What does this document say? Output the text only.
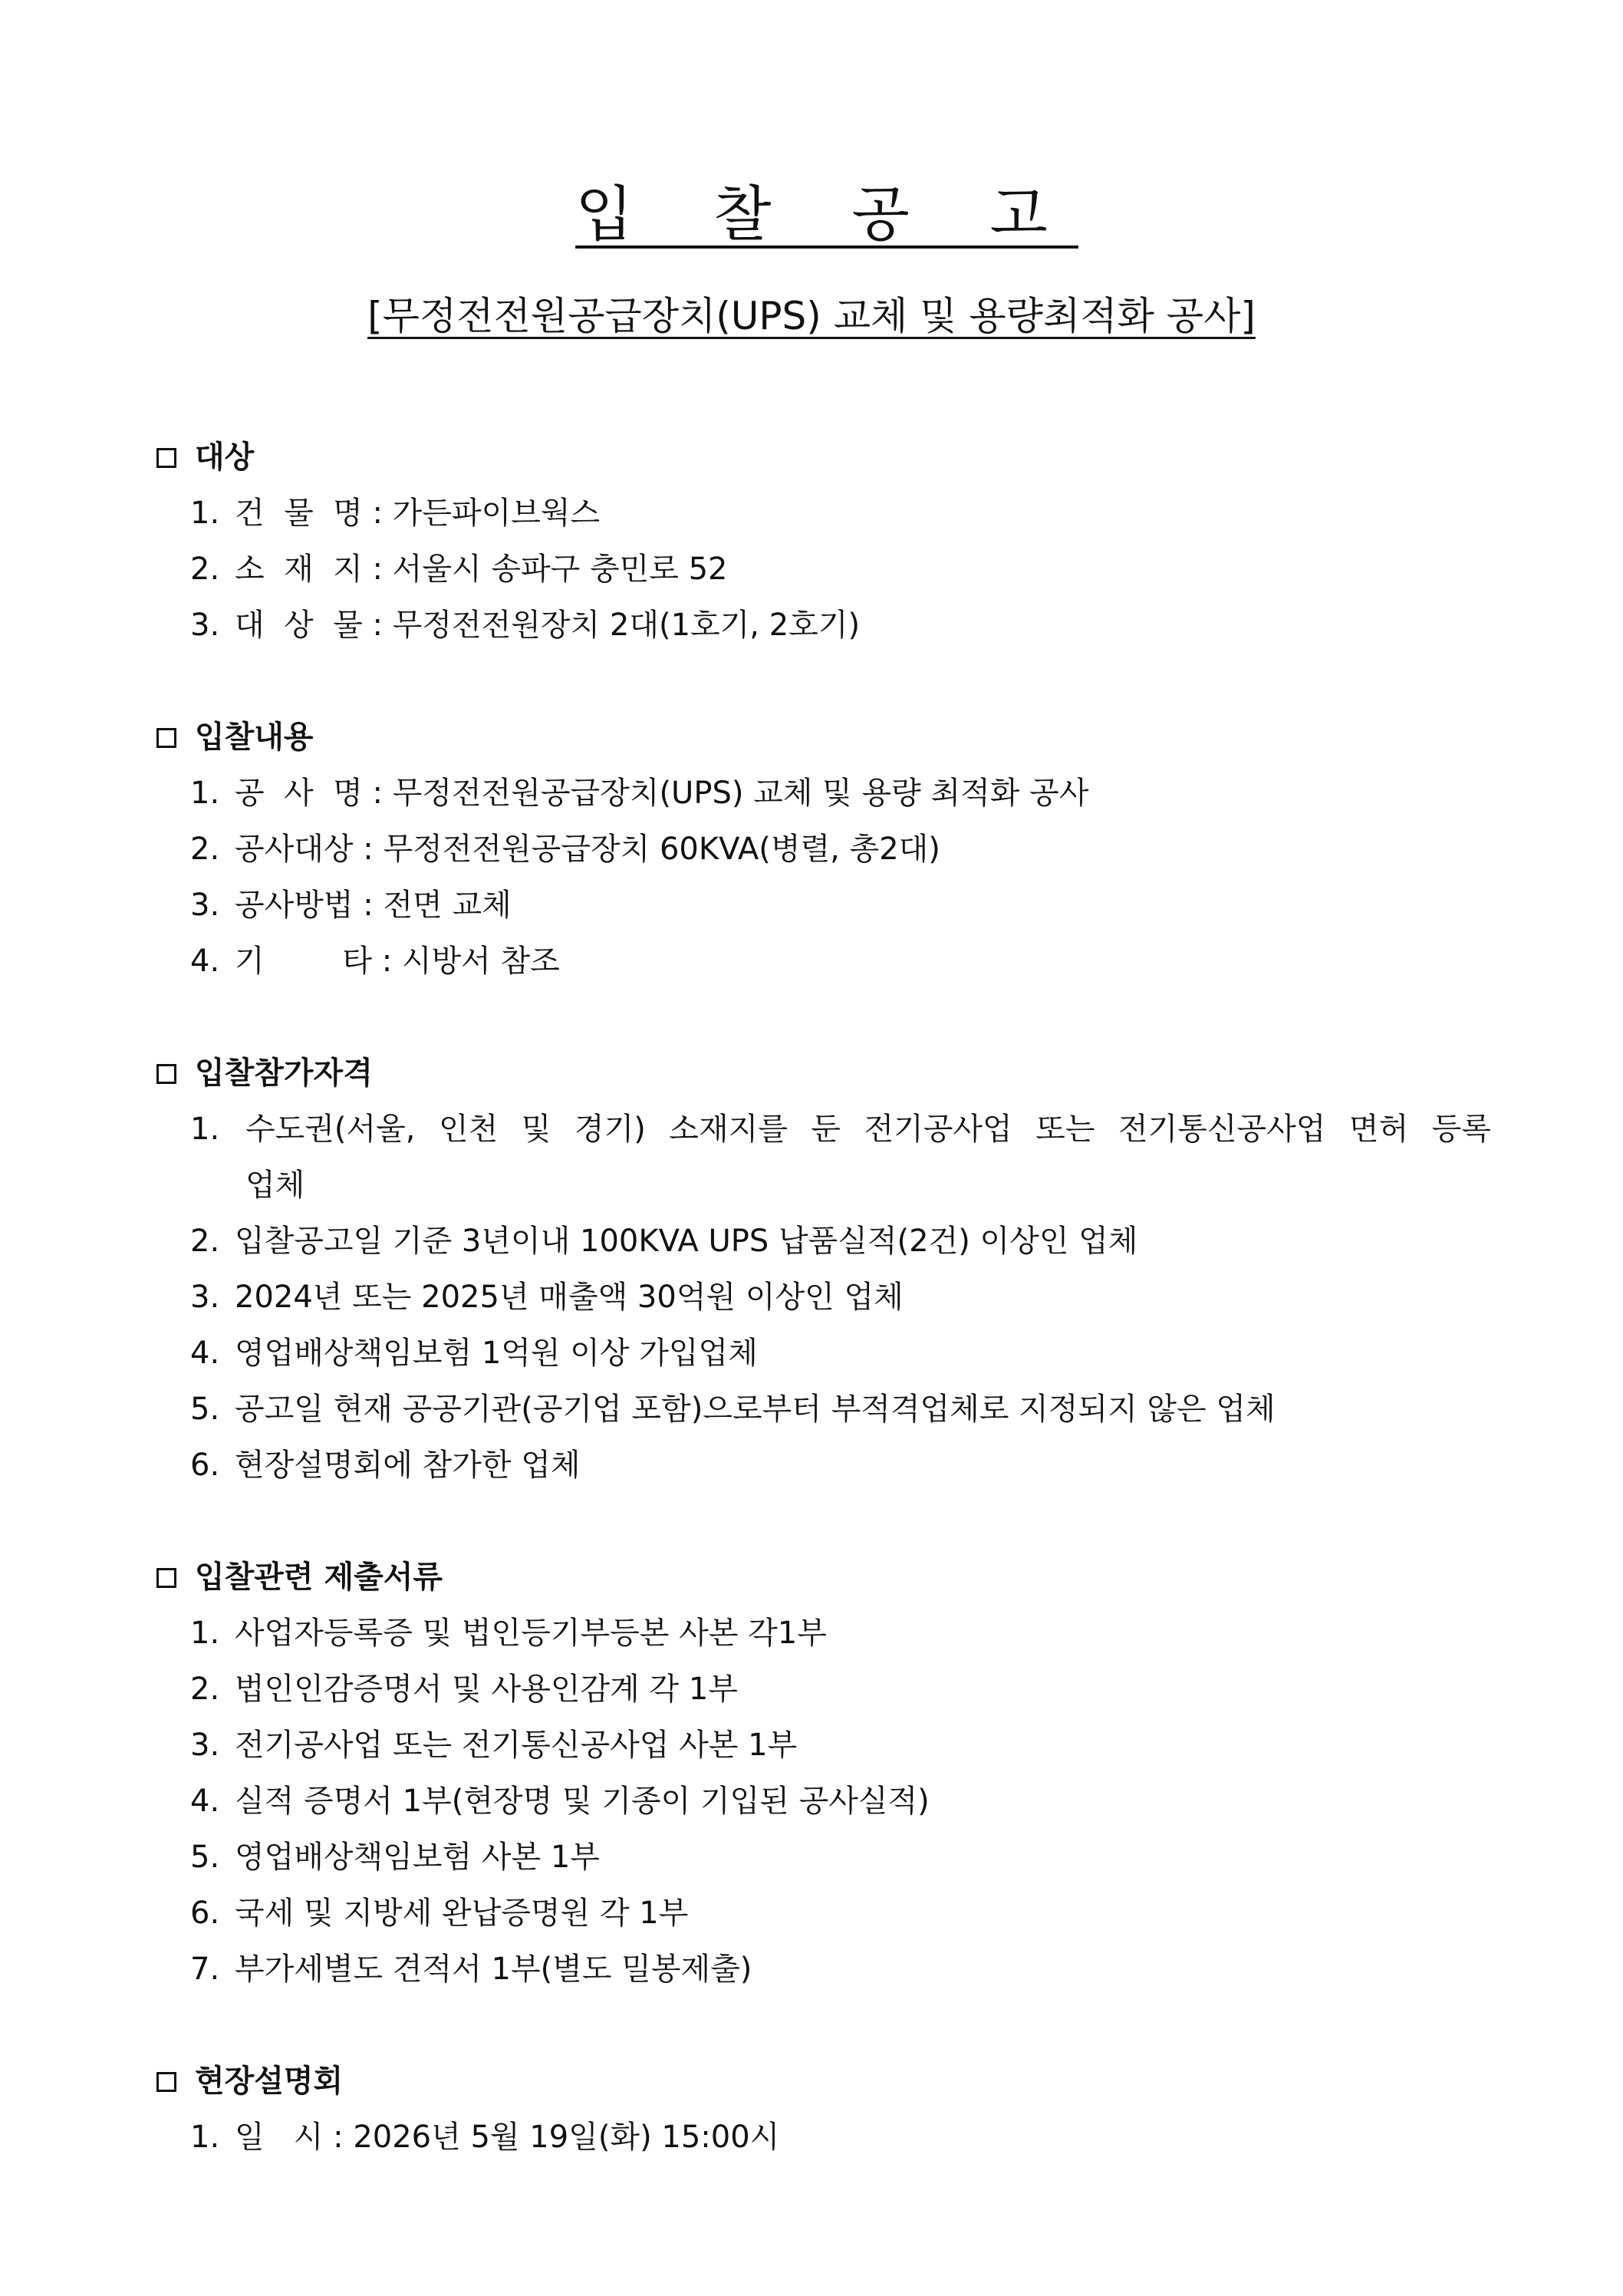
입 찰 공 고
[무정전전원공급장치(UPS) 교체 및 용량최적화 공사]
대상
1. 건  물  명 : 가든파이브웍스
2. 소  재  지 : 서울시 송파구 충민로 52
3. 대  상  물 : 무정전전원장치 2대(1호기, 2호기)
입찰내용
1. 공  사  명 : 무정전전원공급장치(UPS) 교체 및 용량 최적화 공사
2. 공사대상 : 무정전전원공급장치 60KVA(병렬, 총2대)
3. 공사방법 : 전면 교체
4. 기        타 : 시방서 참조
입찰참가자격
1. 수도권(서울, 인천 및 경기) 소재지를 둔 전기공사업 또는 전기통신공사업 면허 등록 업체
2. 입찰공고일 기준 3년이내 100KVA UPS 납품실적(2건) 이상인 업체
3. 2024년 또는 2025년 매출액 30억원 이상인 업체
4. 영업배상책임보험 1억원 이상 가입업체
5. 공고일 현재 공공기관(공기업 포함)으로부터 부적격업체로 지정되지 않은 업체
6. 현장설명회에 참가한 업체
입찰관련 제출서류
1. 사업자등록증 및 법인등기부등본 사본 각1부
2. 법인인감증명서 및 사용인감계 각 1부
3. 전기공사업 또는 전기통신공사업 사본 1부
4. 실적 증명서 1부(현장명 및 기종이 기입된 공사실적)
5. 영업배상책임보험 사본 1부
6. 국세 및 지방세 완납증명원 각 1부
7. 부가세별도 견적서 1부(별도 밀봉제출)
현장설명회
1. 일   시 : 2026년 5월 19일(화) 15:00시
